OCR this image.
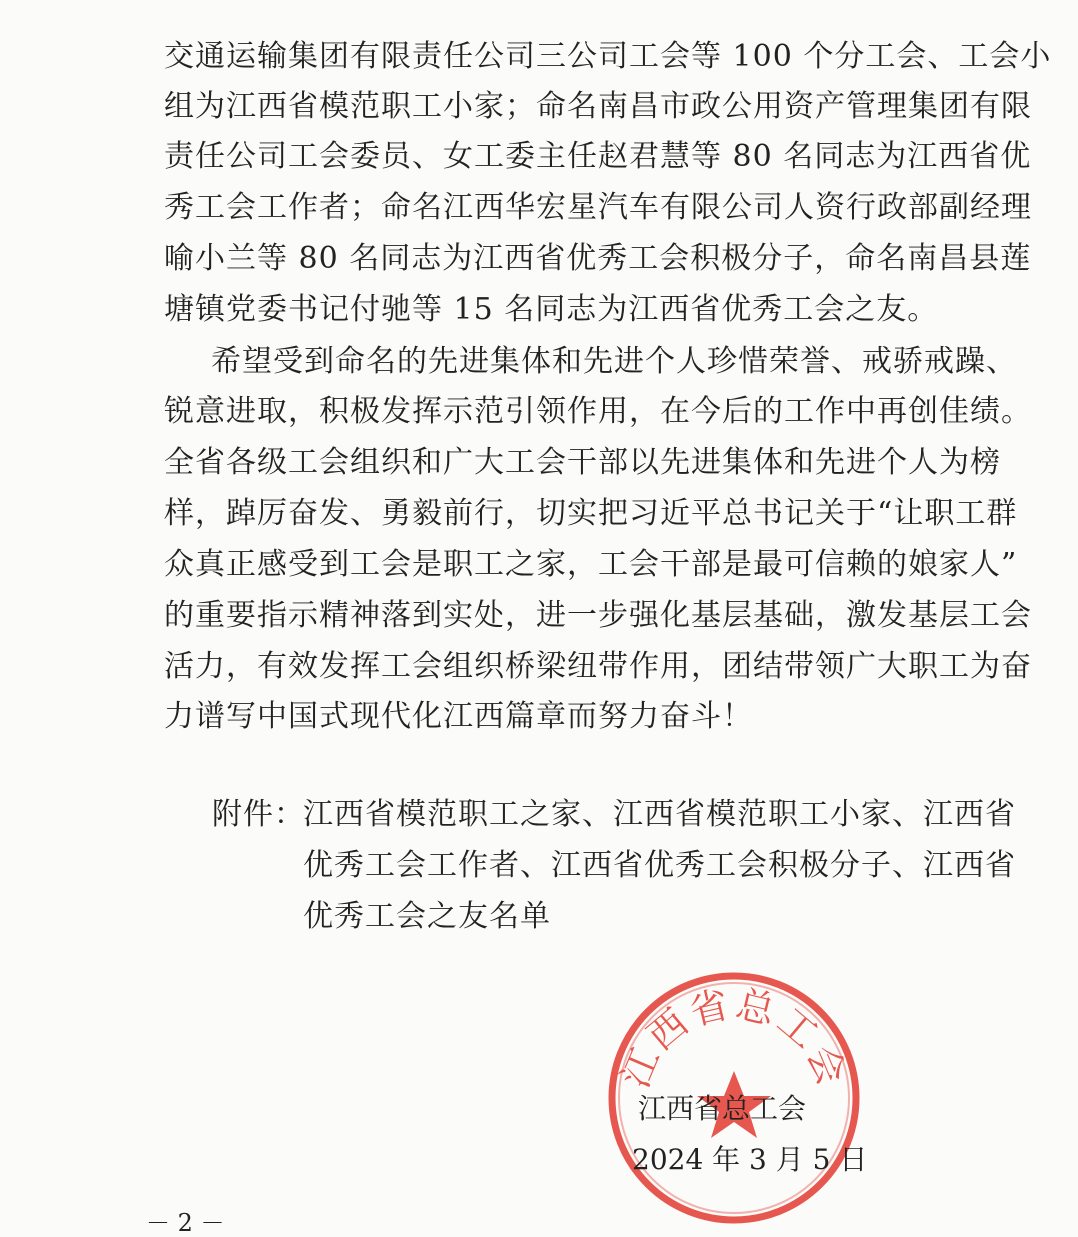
交通运输集团有限责任公司三公司工会等 100 个分工会、工会小
组为江西省模范职工小家；命名南昌市政公用资产管理集团有限
责任公司工会委员、女工委主任赵君慧等 80 名同志为江西省优
秀工会工作者；命名江西华宏星汽车有限公司人资行政部副经理
喻小兰等 80 名同志为江西省优秀工会积极分子，命名南昌县莲
塘镇党委书记付驰等 15 名同志为江西省优秀工会之友。
希望受到命名的先进集体和先进个人珍惜荣誉、戒骄戒躁、
锐意进取，积极发挥示范引领作用，在今后的工作中再创佳绩。
全省各级工会组织和广大工会干部以先进集体和先进个人为榜
样，踔厉奋发、勇毅前行，切实把习近平总书记关于“让职工群
众真正感受到工会是职工之家，工会干部是最可信赖的娘家人”
的重要指示精神落到实处，进一步强化基层基础，激发基层工会
活力，有效发挥工会组织桥梁纽带作用，团结带领广大职工为奋
力谱写中国式现代化江西篇章而努力奋斗！
附件：
江西省模范职工之家、江西省模范职工小家、江西省
优秀工会工作者、江西省优秀工会积极分子、江西省
优秀工会之友名单
江西省总工会
江西省总工会
2024 年 3 月 5 日
－ 2 －
